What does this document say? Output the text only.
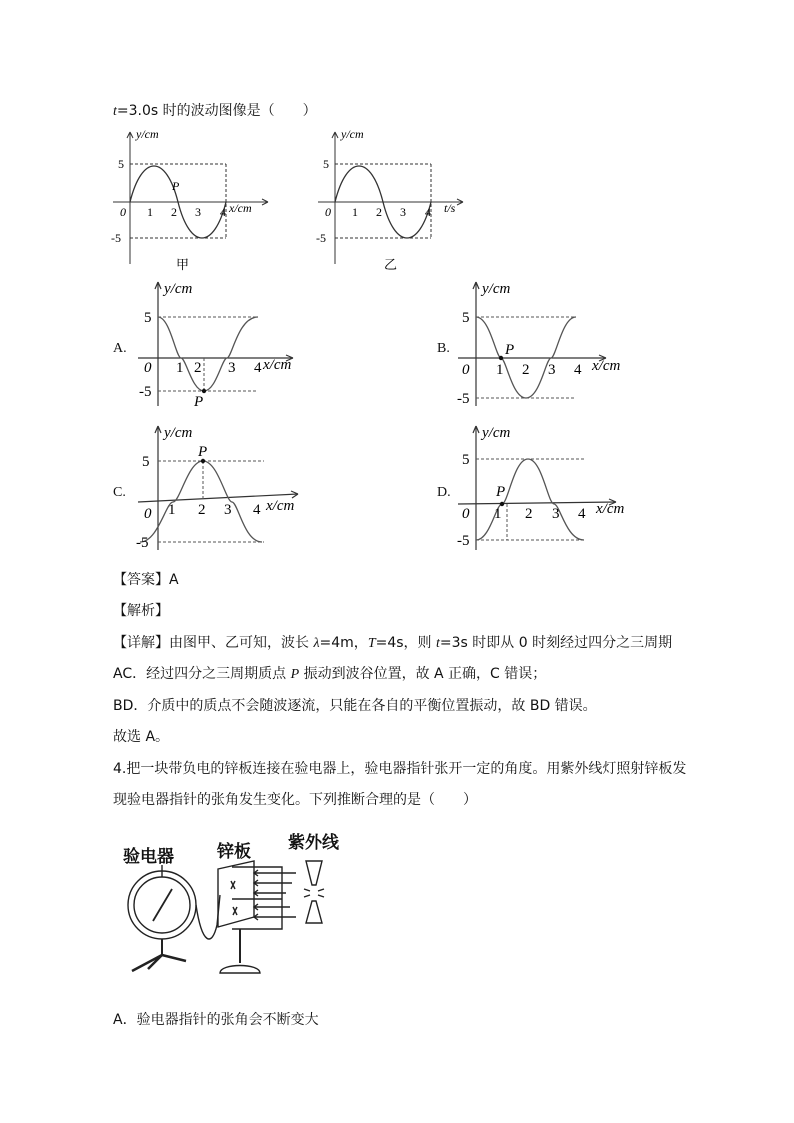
t=3.0s 时的波动图像是（　　）
y/cm
x/cm
5
-5
0 1 2 3 4
P
甲
y/cm
t/s
5
-5
0 1 2 3 4
乙
A.
y/cm
x/cm
5
-5
0 1 2 3 4
P
B.
y/cm
x/cm
5
-5
0 1 2 3 4
P
C.
y/cm
x/cm
5
-5
0 1 2 3 4
P
D.
y/cm
x/cm
5
-5
0 1 2 3 4
P
【答案】A
【解析】
【详解】由图甲、乙可知，波长 λ=4m，T=4s，则 t=3s 时即从 0 时刻经过四分之三周期
AC．经过四分之三周期质点 P 振动到波谷位置，故 A 正确，C 错误；
BD．介质中的质点不会随波逐流，只能在各自的平衡位置振动，故 BD 错误。
故选 A。
4.把一块带负电的锌板连接在验电器上，验电器指针张开一定的角度。用紫外线灯照射锌板发
现验电器指针的张角发生变化。下列推断合理的是（　　）
验电器	锌板 紫外线
A．验电器指针的张角会不断变大
